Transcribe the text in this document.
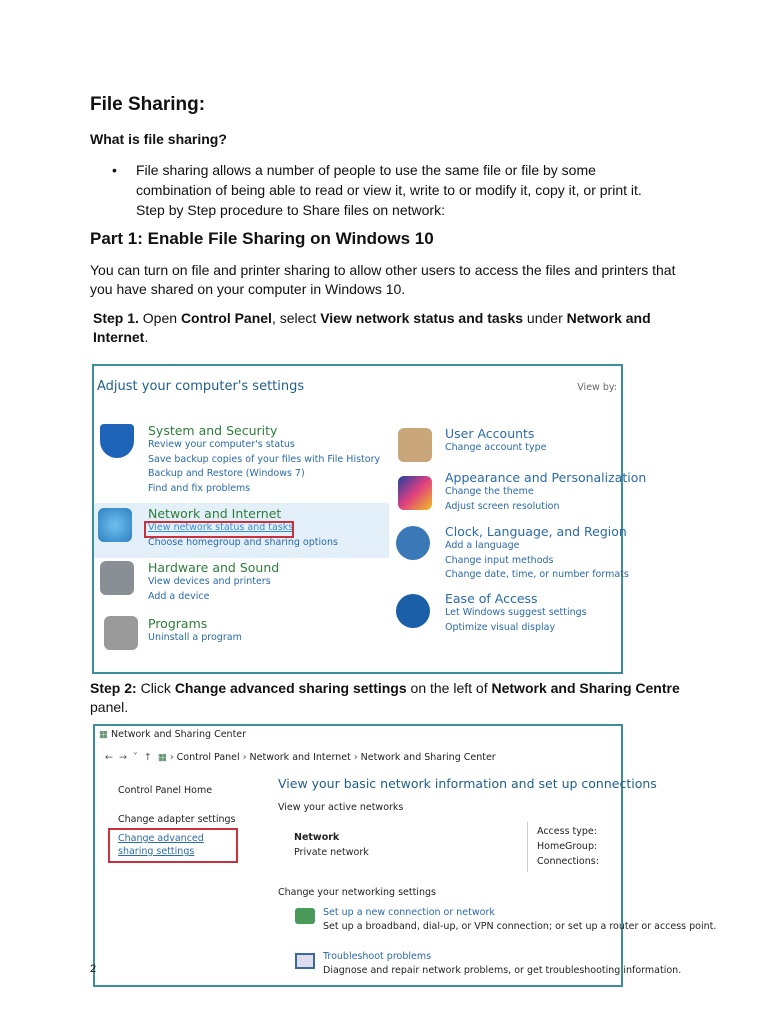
File Sharing:
What is file sharing?
• File sharing allows a number of people to use the same file or file by some combination of being able to read or view it, write to or modify it, copy it, or print it. Step by Step procedure to Share files on network:
Part 1: Enable File Sharing on Windows 10
You can turn on file and printer sharing to allow other users to access the files and printers that you have shared on your computer in Windows 10.
Step 1. Open Control Panel, select View network status and tasks under Network and Internet.
Adjust your computer's settings	View by:
System and Security
Review your computer's status
Save backup copies of your files with File History
Backup and Restore (Windows 7)
Find and fix problems
Network and Internet
View network status and tasks
Choose homegroup and sharing options
Hardware and Sound
View devices and printers
Add a device
Programs
Uninstall a program
User Accounts
Change account type
Appearance and Personalization
Change the theme
Adjust screen resolution
Clock, Language, and Region
Add a language
Change input methods
Change date, time, or number formats
Ease of Access
Let Windows suggest settings
Optimize visual display
Step 2: Click Change advanced sharing settings on the left of Network and Sharing Centre panel.
▦ Network and Sharing Center
← → ˅ ↑ ▦ › Control Panel › Network and Internet › Network and Sharing Center
Control Panel Home
Change adapter settings
Change advanced sharing settings
View your basic network information and set up connections
View your active networks
Network
Private network
Access type:
HomeGroup:
Connections:
Change your networking settings
Set up a new connection or network
Set up a broadband, dial-up, or VPN connection; or set up a router or access point.
Troubleshoot problems
Diagnose and repair network problems, or get troubleshooting information.
2
